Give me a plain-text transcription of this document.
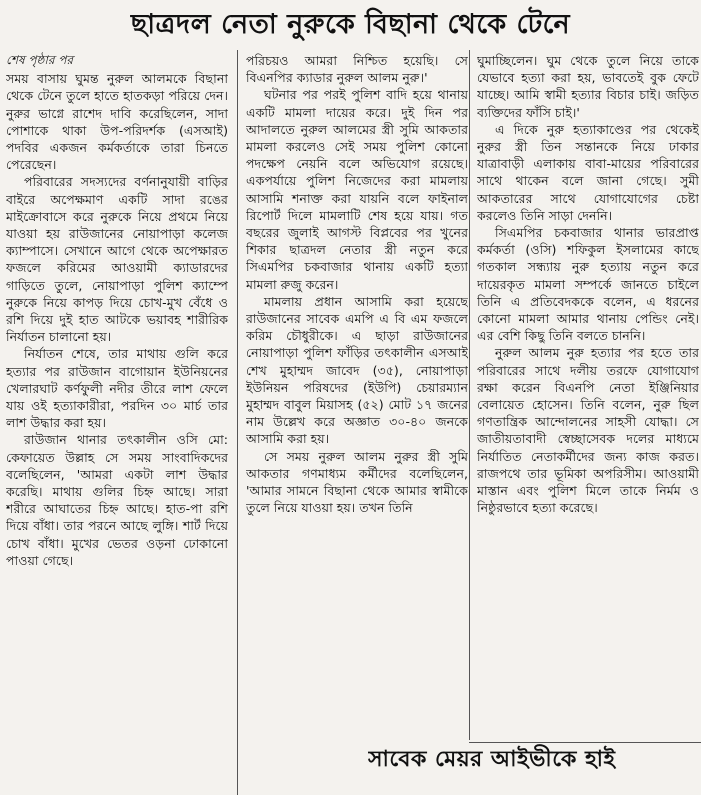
ছাত্রদল নেতা নুরুকে বিছানা থেকে টেনে
শেষ পৃষ্ঠার পর

সময় বাসায় ঘুমন্ত নুরুল আলমকে বিছানা থেকে টেনে তুলে হাতে হাতকড়া পরিয়ে দেন। নুরুর ভাগ্নে রাশেদ দাবি করেছিলেন, সাদা পোশাকে থাকা উপ-পরিদর্শক (এসআই) পদবির একজন কর্মকর্তাকে তারা চিনতে পেরেছেন।

পরিবারের সদস্যদের বর্ণনানুযায়ী বাড়ির বাইরে অপেক্ষমাণ একটি সাদা রঙের মাইক্রোবাসে করে নুরুকে নিয়ে প্রথমে নিয়ে যাওয়া হয় রাউজানের নোয়াপাড়া কলেজ ক্যাম্পাসে। সেখানে আগে থেকে অপেক্ষারত ফজলে করিমের আওয়ামী ক্যাডারদের গাড়িতে তুলে, নোয়াপাড়া পুলিশ ক্যাম্পে নুরুকে নিয়ে কাপড় দিয়ে চোখ-মুখ বেঁধে ও রশি দিয়ে দুই হাত আটকে ভয়াবহ শারীরিক নির্যাতন চালানো হয়।

নির্যাতন শেষে, তার মাথায় গুলি করে হত্যার পর রাউজান বাগোয়ান ইউনিয়নের খেলারঘাট কর্ণফুলী নদীর তীরে লাশ ফেলে যায় ওই হত্যাকারীরা, পরদিন ৩০ মার্চ তার লাশ উদ্ধার করা হয়।

রাউজান থানার তৎকালীন ওসি মো: কেফায়েত উল্লাহ সে সময় সাংবাদিকদের বলেছিলেন, 'আমরা একটা লাশ উদ্ধার করেছি। মাথায় গুলির চিহ্ন আছে। সারা শরীরে আঘাতের চিহ্ন আছে। হাত-পা রশি দিয়ে বাঁধা। তার পরনে আছে লুঙ্গি। শার্ট দিয়ে চোখ বাঁধা। মুখের ভেতর ওড়না ঢোকানো পাওয়া গেছে।

পরিচয়ও আমরা নিশ্চিত হয়েছি। সে বিএনপির ক্যাডার নুরুল আলম নুরু।'

ঘটনার পর পরই পুলিশ বাদি হয়ে থানায় একটি মামলা দায়ের করে। দুই দিন পর আদালতে নুরুল আলমের স্ত্রী সুমি আকতার মামলা করলেও সেই সময় পুলিশ কোনো পদক্ষেপ নেয়নি বলে অভিযোগ রয়েছে। একপর্যায়ে পুলিশ নিজেদের করা মামলায় আসামি শনাক্ত করা যায়নি বলে ফাইনাল রিপোর্ট দিলে মামলাটি শেষ হয়ে যায়। গত বছরের জুলাই আগস্ট বিপ্লবের পর খুনের শিকার ছাত্রদল নেতার স্ত্রী নতুন করে সিএমপির চকবাজার থানায় একটি হত্যা মামলা রুজু করেন।

মামলায় প্রধান আসামি করা হয়েছে রাউজানের সাবেক এমপি এ বি এম ফজলে করিম চৌধুরীকে। এ ছাড়া রাউজানের নোয়াপাড়া পুলিশ ফাঁড়ির তৎকালীন এসআই শেখ মুহাম্মদ জাবেদ (৩৫), নোয়াপাড়া ইউনিয়ন পরিষদের (ইউপি) চেয়ারম্যান মুহাম্মদ বাবুল মিয়াসহ (৫২) মোট ১৭ জনের নাম উল্লেখ করে অজ্ঞাত ৩০-৪০ জনকে আসামি করা হয়।

সে সময় নুরুল আলম নুরুর স্ত্রী সুমি আকতার গণমাধ্যম কর্মীদের বলেছিলেন, 'আমার সামনে বিছানা থেকে আমার স্বামীকে তুলে নিয়ে যাওয়া হয়। তখন তিনি

ঘুমাচ্ছিলেন। ঘুম থেকে তুলে নিয়ে তাকে যেভাবে হত্যা করা হয়, ভাবতেই বুক ফেটে যাচ্ছে। আমি স্বামী হত্যার বিচার চাই। জড়িত ব্যক্তিদের ফাঁসি চাই।'

এ দিকে নুরু হত্যাকাণ্ডের পর থেকেই নুরুর স্ত্রী তিন সন্তানকে নিয়ে ঢাকার যাত্রাবাড়ী এলাকায় বাবা-মায়ের পরিবারের সাথে থাকেন বলে জানা গেছে। সুমী আকতারের সাথে যোগাযোগের চেষ্টা করলেও তিনি সাড়া দেননি।

সিএমপির চকবাজার থানার ভারপ্রাপ্ত কর্মকর্তা (ওসি) শফিকুল ইসলামের কাছে গতকাল সন্ধ্যায় নুরু হত্যায় নতুন করে দায়েরকৃত মামলা সম্পর্কে জানতে চাইলে তিনি এ প্রতিবেদককে বলেন, এ ধরনের কোনো মামলা আমার থানায় পেন্ডিং নেই। এর বেশি কিছু তিনি বলতে চাননি।

নুরুল আলম নুরু হত্যার পর হতে তার পরিবারের সাথে দলীয় তরফে যোগাযোগ রক্ষা করেন বিএনপি নেতা ইঞ্জিনিয়ার বেলায়েত হোসেন। তিনি বলেন, নুরু ছিল গণতান্ত্রিক আন্দোলনের সাহসী যোদ্ধা। সে জাতীয়তাবাদী স্বেচ্ছাসেবক দলের মাধ্যমে নির্যাতিত নেতাকর্মীদের জন্য কাজ করত। রাজপথে তার ভূমিকা অপরিসীম। আওয়ামী মাস্তান এবং পুলিশ মিলে তাকে নির্মম ও নিষ্ঠুরভাবে হত্যা করেছে।

সাবেক মেয়র আইভীকে হাই
